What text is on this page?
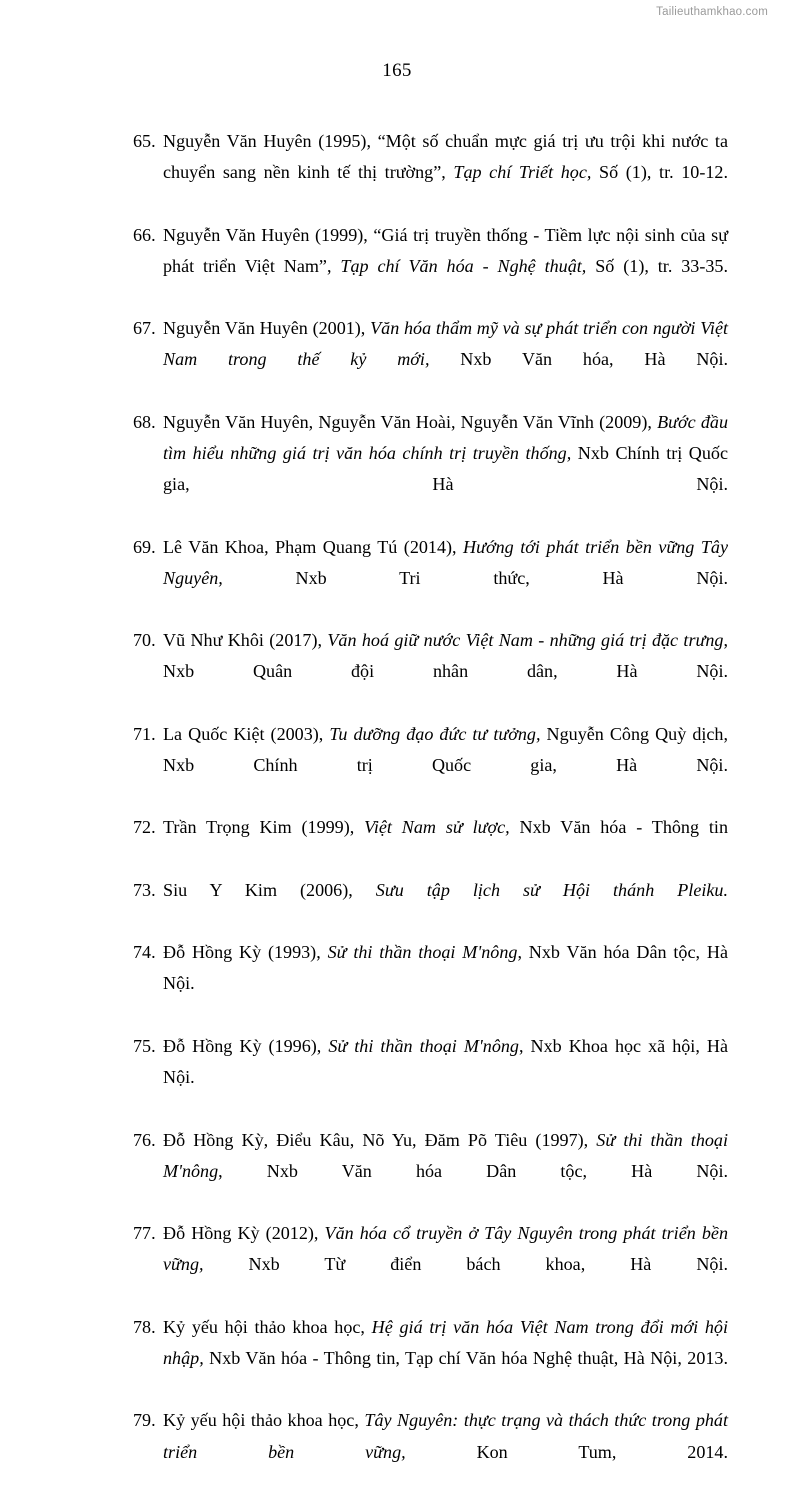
Tailieuthamkhao.com
165

65. Nguyễn Văn Huyên (1995), “Một số chuẩn mực giá trị ưu trội khi nước ta chuyển sang nền kinh tế thị trường”, Tạp chí Triết học, Số (1), tr. 10-12.

66. Nguyễn Văn Huyên (1999), “Giá trị truyền thống - Tiềm lực nội sinh của sự phát triển Việt Nam”, Tạp chí Văn hóa - Nghệ thuật, Số (1), tr. 33-35.

67. Nguyễn Văn Huyên (2001), Văn hóa thẩm mỹ và sự phát triển con người Việt Nam trong thế kỷ mới, Nxb Văn hóa, Hà Nội.

68. Nguyễn Văn Huyên, Nguyễn Văn Hoài, Nguyễn Văn Vĩnh (2009), Bước đầu tìm hiểu những giá trị văn hóa chính trị truyền thống, Nxb Chính trị Quốc gia, Hà Nội.

69. Lê Văn Khoa, Phạm Quang Tú (2014), Hướng tới phát triển bền vững Tây Nguyên, Nxb Tri thức, Hà Nội.

70. Vũ Như Khôi (2017), Văn hoá giữ nước Việt Nam - những giá trị đặc trưng, Nxb Quân đội nhân dân, Hà Nội.

71. La Quốc Kiệt (2003), Tu dưỡng đạo đức tư tưởng, Nguyễn Công Quỳ dịch, Nxb Chính trị Quốc gia, Hà Nội.

72. Trần Trọng Kim (1999), Việt Nam sử lược, Nxb Văn hóa - Thông tin

73. Siu Y Kim (2006), Sưu tập lịch sử Hội thánh Pleiku.

74. Đỗ Hồng Kỳ (1993), Sử thi thần thoại M'nông, Nxb Văn hóa Dân tộc, Hà Nội.

75. Đỗ Hồng Kỳ (1996), Sử thi thần thoại M'nông, Nxb Khoa học xã hội, Hà Nội.

76. Đỗ Hồng Kỳ, Điểu Kâu, Nõ Yu, Đăm Põ Tiêu (1997), Sử thi thần thoại M'nông, Nxb Văn hóa Dân tộc, Hà Nội.

77. Đỗ Hồng Kỳ (2012), Văn hóa cổ truyền ở Tây Nguyên trong phát triển bền vững, Nxb Từ điển bách khoa, Hà Nội.

78. Kỷ yếu hội thảo khoa học, Hệ giá trị văn hóa Việt Nam trong đổi mới hội nhập, Nxb Văn hóa - Thông tin, Tạp chí Văn hóa Nghệ thuật, Hà Nội, 2013.

79. Kỷ yếu hội thảo khoa học, Tây Nguyên: thực trạng và thách thức trong phát triển bền vững, Kon Tum, 2014.
